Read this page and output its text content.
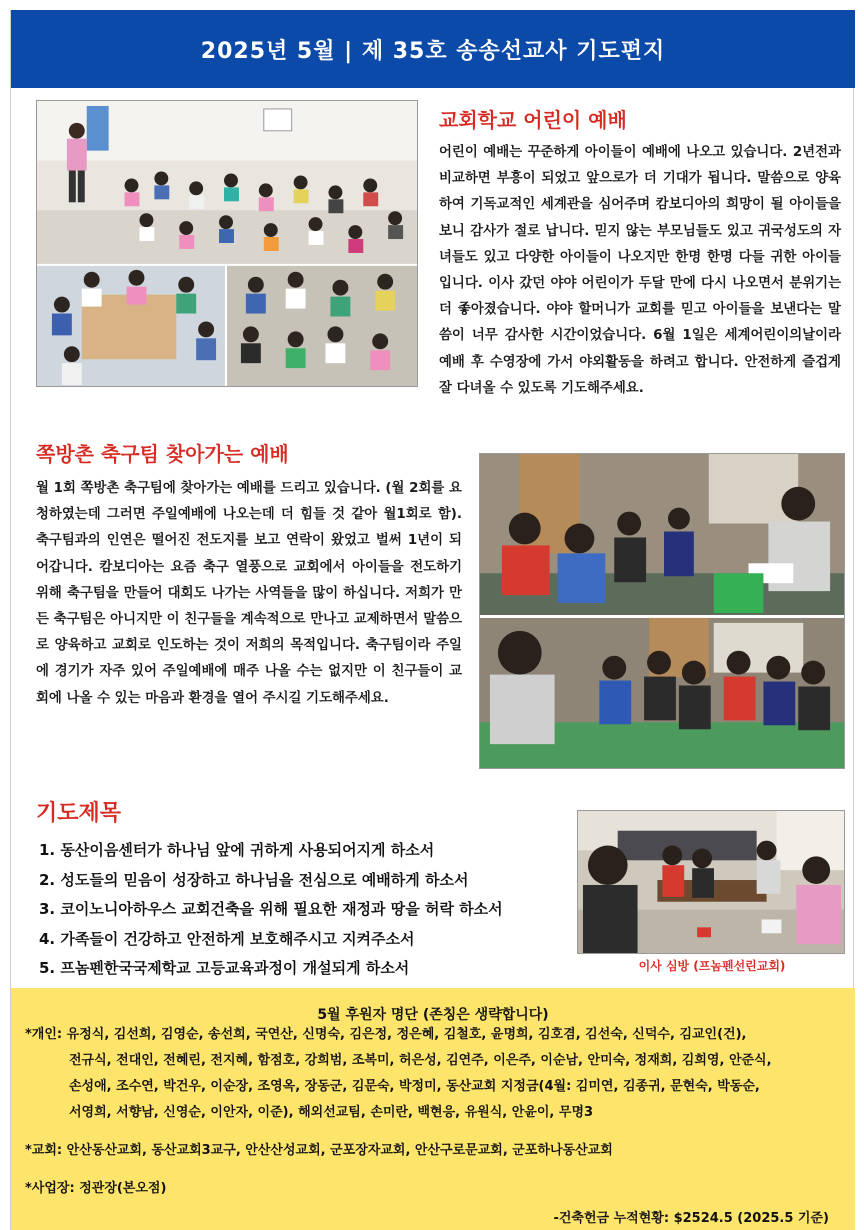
2025년 5월 | 제 35호 송송선교사 기도편지
교회학교 어린이 예배

어린이 예배는 꾸준하게 아이들이 예배에 나오고 있습니다. 2년전과 비교하면 부흥이 되었고 앞으로가 더 기대가 됩니다. 말씀으로 양육하여 기독교적인 세계관을 심어주며 캄보디아의 희망이 될 아이들을 보니 감사가 절로 납니다. 믿지 않는 부모님들도 있고 귀국성도의 자녀들도 있고 다양한 아이들이 나오지만 한명 한명 다들 귀한 아이들입니다. 이사 갔던 야야 어린이가 두달 만에 다시 나오면서 분위기는 더 좋아졌습니다. 야야 할머니가 교회를 믿고 아이들을 보낸다는 말씀이 너무 감사한 시간이었습니다. 6월 1일은 세계어린이의날이라 예배 후 수영장에 가서 야외활동을 하려고 합니다. 안전하게 즐겁게 잘 다녀올 수 있도록 기도해주세요.

쪽방촌 축구팀 찾아가는 예배

월 1회 쪽방촌 축구팀에 찾아가는 예배를 드리고 있습니다. (월 2회를 요청하였는데 그러면 주일예배에 나오는데 더 힘들 것 같아 월1회로 함). 축구팀과의 인연은 떨어진 전도지를 보고 연락이 왔었고 벌써 1년이 되어갑니다. 캄보디아는 요즘 축구 열풍으로 교회에서 아이들을 전도하기 위해 축구팀을 만들어 대회도 나가는 사역들을 많이 하십니다. 저희가 만든 축구팀은 아니지만 이 친구들을 계속적으로 만나고 교제하면서 말씀으로 양육하고 교회로 인도하는 것이 저희의 목적입니다. 축구팀이라 주일에 경기가 자주 있어 주일예배에 매주 나올 수는 없지만 이 친구들이 교회에 나올 수 있는 마음과 환경을 열어 주시길 기도해주세요.

기도제목
1. 동산이음센터가 하나님 앞에 귀하게 사용되어지게 하소서
2. 성도들의 믿음이 성장하고 하나님을 전심으로 예배하게 하소서
3. 코이노니아하우스 교회건축을 위해 필요한 재정과 땅을 허락 하소서
4. 가족들이 건강하고 안전하게 보호해주시고 지켜주소서
5. 프놈펜한국국제학교 고등교육과정이 개설되게 하소서	이사 심방 (프놈펜선린교회)
5월 후원자 명단 (존칭은 생략합니다)
*개인: 유정식, 김선희, 김영순, 송선희, 국연산, 신명숙, 김은정, 정은혜, 김철호, 윤명희, 김호겸, 김선숙, 신덕수, 김교인(건),
전규식, 전대인, 전혜린, 전지혜, 함점호, 강희범, 조복미, 허은성, 김연주, 이은주, 이순남, 안미숙, 정재희, 김희영, 안준식,
손성애, 조수연, 박건우, 이순장, 조영옥, 장동군, 김문숙, 박정미, 동산교회 지정금(4월: 김미연, 김종귀, 문현숙, 박동순,
서영희, 서향남, 신영순, 이안자, 이준), 해외선교팀, 손미란, 백현응, 유원식, 안윤이, 무명3
*교회: 안산동산교회, 동산교회3교구, 안산산성교회, 군포장자교회, 안산구로문교회, 군포하나동산교회
*사업장: 정관장(본오점)
-건축헌금 누적현황: $2524.5 (2025.5 기준)
